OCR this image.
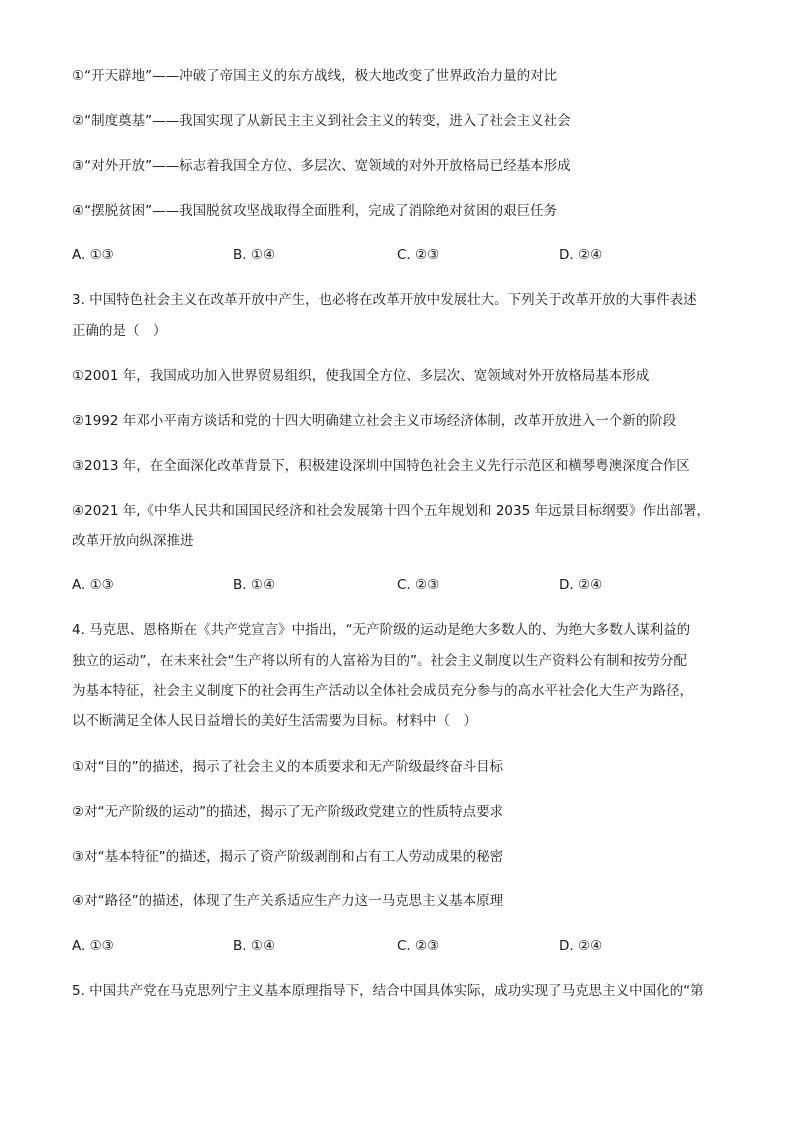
①“开天辟地”——冲破了帝国主义的东方战线，极大地改变了世界政治力量的对比
②“制度奠基”——我国实现了从新民主主义到社会主义的转变，进入了社会主义社会
③“对外开放”——标志着我国全方位、多层次、宽领域的对外开放格局已经基本形成
④“摆脱贫困”——我国脱贫攻坚战取得全面胜利，完成了消除绝对贫困的艰巨任务
A. ①③	B. ①④	C. ②③	D. ②④
3. 中国特色社会主义在改革开放中产生，也必将在改革开放中发展壮大。下列关于改革开放的大事件表述
正确的是（　）
①2001 年，我国成功加入世界贸易组织，使我国全方位、多层次、宽领域对外开放格局基本形成
②1992 年邓小平南方谈话和党的十四大明确建立社会主义市场经济体制，改革开放进入一个新的阶段
③2013 年，在全面深化改革背景下，积极建设深圳中国特色社会主义先行示范区和横琴粤澳深度合作区
④2021 年,《中华人民共和国国民经济和社会发展第十四个五年规划和 2035 年远景目标纲要》作出部署，
改革开放向纵深推进
A. ①③	B. ①④	C. ②③	D. ②④
4. 马克思、恩格斯在《共产党宣言》中指出，“无产阶级的运动是绝大多数人的、为绝大多数人谋利益的
独立的运动”，在未来社会“生产将以所有的人富裕为目的”。社会主义制度以生产资料公有制和按劳分配
为基本特征，社会主义制度下的社会再生产活动以全体社会成员充分参与的高水平社会化大生产为路径，
以不断满足全体人民日益增长的美好生活需要为目标。材料中（　）
①对“目的”的描述，揭示了社会主义的本质要求和无产阶级最终奋斗目标
②对“无产阶级的运动”的描述，揭示了无产阶级政党建立的性质特点要求
③对“基本特征”的描述，揭示了资产阶级剥削和占有工人劳动成果的秘密
④对“路径”的描述，体现了生产关系适应生产力这一马克思主义基本原理
A. ①③	B. ①④	C. ②③	D. ②④
5. 中国共产党在马克思列宁主义基本原理指导下，结合中国具体实际，成功实现了马克思主义中国化的“第
